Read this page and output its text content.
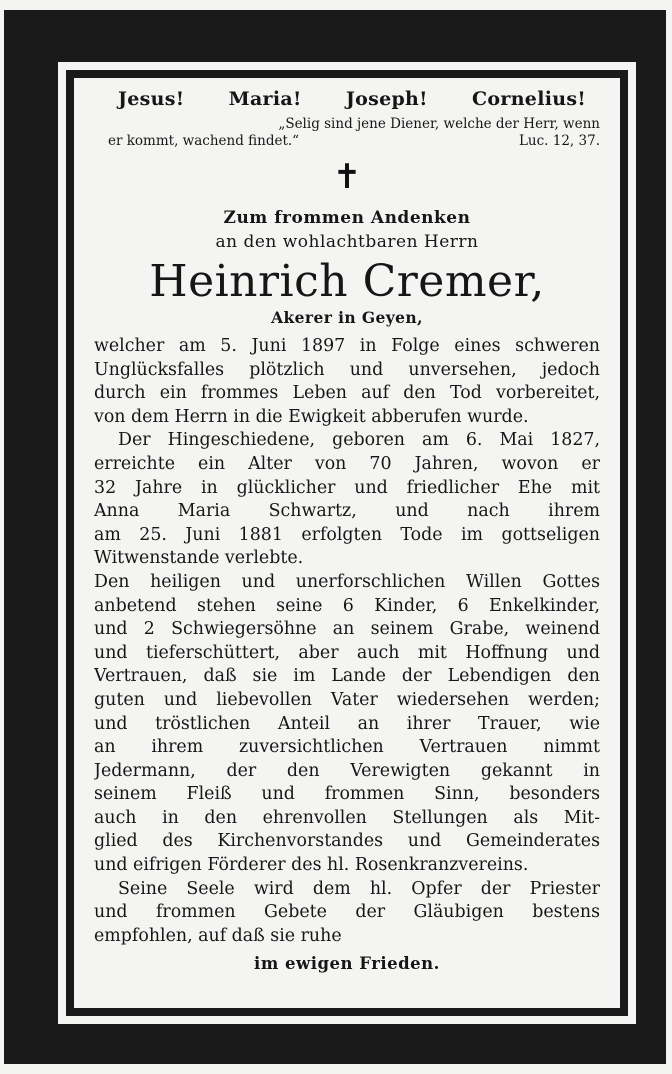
Jesus! Maria! Joseph! Cornelius!
„Selig sind jene Diener, welche der Herr, wenn
er kommt, wachend findet.“	Luc. 12, 37.
✝
Zum frommen Andenken
an den wohlachtbaren Herrn
Heinrich Cremer,
Akerer in Geyen,
welcher am 5. Juni 1897 in Folge eines schweren
Unglücksfalles plötzlich und unversehen, jedoch
durch ein frommes Leben auf den Tod vorbereitet,
von dem Herrn in die Ewigkeit abberufen wurde.
Der Hingeschiedene, geboren am 6. Mai 1827,
erreichte ein Alter von 70 Jahren, wovon er
32 Jahre in glücklicher und friedlicher Ehe mit
Anna Maria Schwartz, und nach ihrem
am 25. Juni 1881 erfolgten Tode im gottseligen
Witwenstande verlebte.
Den heiligen und unerforschlichen Willen Gottes
anbetend stehen seine 6 Kinder, 6 Enkelkinder,
und 2 Schwiegersöhne an seinem Grabe, weinend
und tieferschüttert, aber auch mit Hoffnung und
Vertrauen, daß sie im Lande der Lebendigen den
guten und liebevollen Vater wiedersehen werden;
und tröstlichen Anteil an ihrer Trauer, wie
an ihrem zuversichtlichen Vertrauen nimmt
Jedermann, der den Verewigten gekannt in
seinem Fleiß und frommen Sinn, besonders
auch in den ehrenvollen Stellungen als Mit-
glied des Kirchenvorstandes und Gemeinderates
und eifrigen Förderer des hl. Rosenkranzvereins.
Seine Seele wird dem hl. Opfer der Priester
und frommen Gebete der Gläubigen bestens
empfohlen, auf daß sie ruhe
im ewigen Frieden.
